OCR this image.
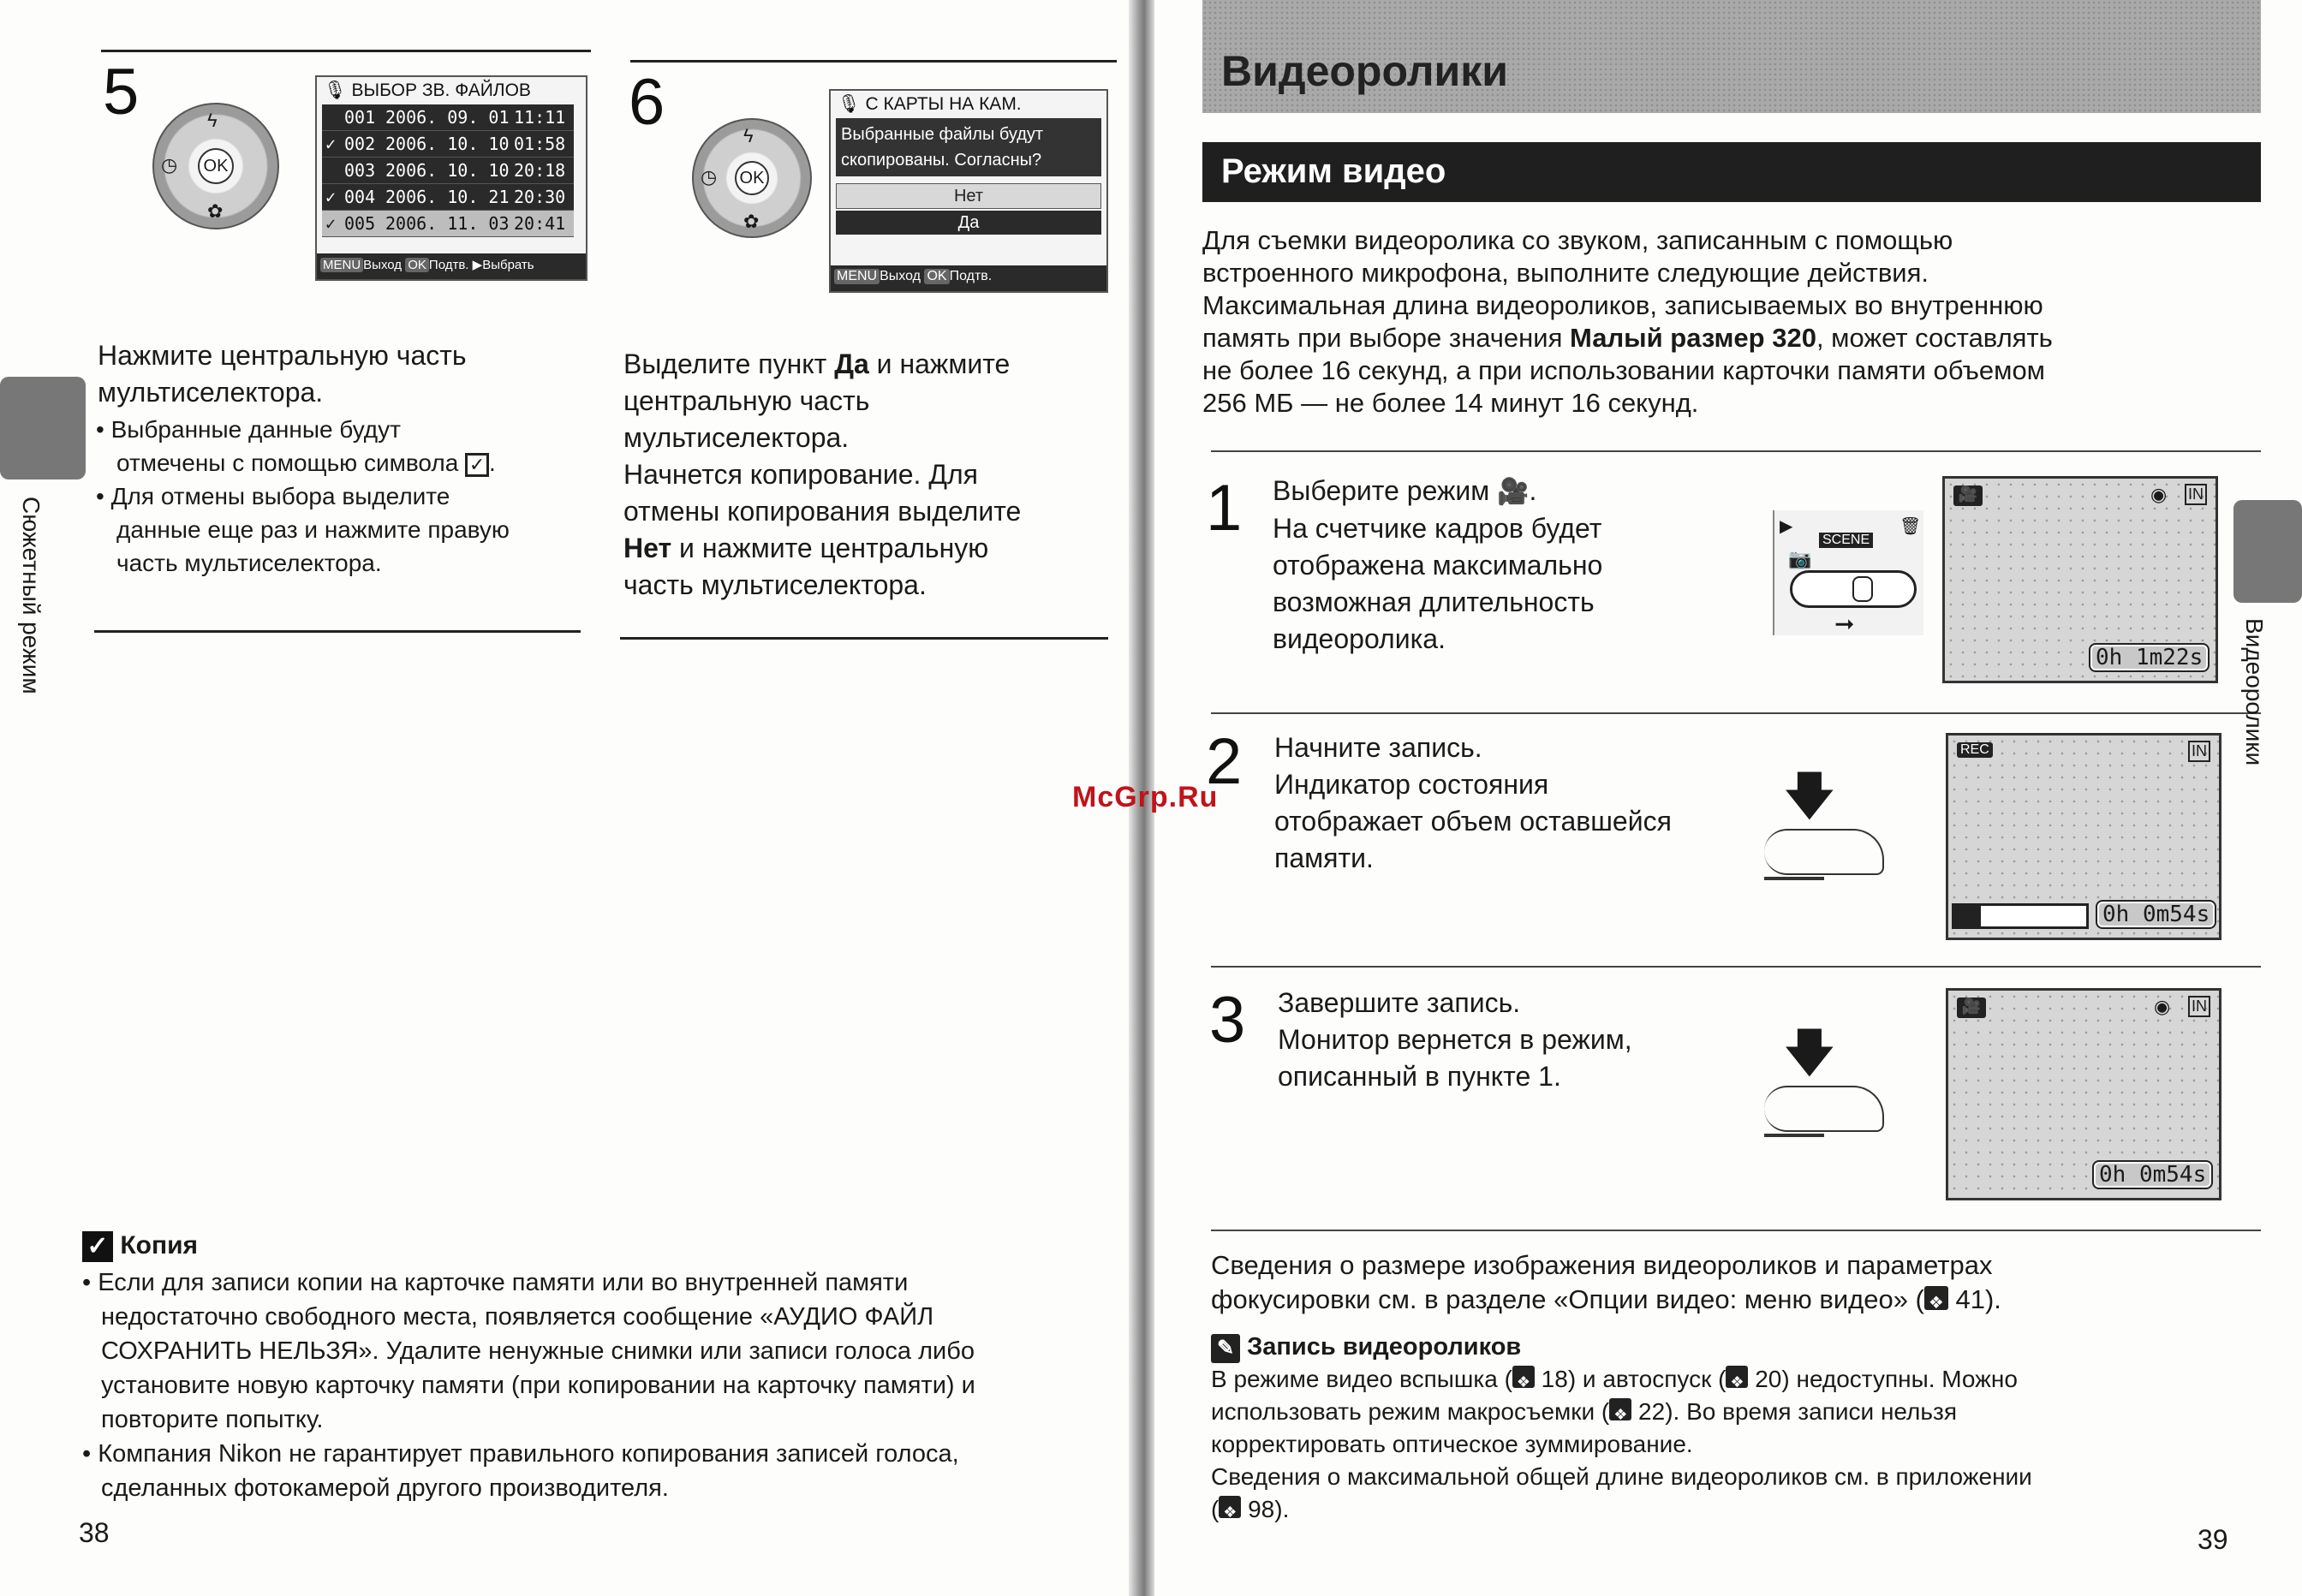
5
OK
ϟ
◷
✿
🎙 ВЫБОР ЗВ. ФАЙЛОВ
001 2006. 09. 01 11:11
✓ 002 2006. 10. 10 01:58
003 2006. 10. 10 20:18
✓ 004 2006. 10. 21 20:30
✓ 005 2006. 11. 03 20:41
MENU Выход OK Подтв. ▶Выбрать
Нажмите центральную часть
мультиселектора.
• Выбранные данные будут
отмечены с помощью символа ✓ .
• Для отмены выбора выделите
данные еще раз и нажмите правую
часть мультиселектора.
6
OK
ϟ
◷
✿
🎙 С КАРТЫ НА КАМ.
Выбранные файлы будут
скопированы. Согласны?
Нет
Да
MENU Выход OK Подтв.
Выделите пункт Да и нажмите
центральную часть
мультиселектора.
Начнется копирование. Для
отмены копирования выделите
Нет и нажмите центральную
часть мультиселектора.
Сюжетный режим
✓ Копия
• Если для записи копии на карточке памяти или во внутренней памяти
недостаточно свободного места, появляется сообщение «АУДИО ФАЙЛ
СОХРАНИТЬ НЕЛЬЗЯ». Удалите ненужные снимки или записи голоса либо
установите новую карточку памяти (при копировании на карточку памяти) и
повторите попытку.
• Компания Nikon не гарантирует правильного копирования записей голоса,
сделанных фотокамерой другого производителя.
38
Видеоролики
Режим видео
Для съемки видеоролика со звуком, записанным с помощью
встроенного микрофона, выполните следующие действия.
Максимальная длина видеороликов, записываемых во внутреннюю
память при выборе значения Малый размер 320, может составлять
не более 16 секунд, а при использовании карточки памяти объемом
256 МБ — не более 14 минут 16 секунд.
1 Выберите режим 🎥.
На счетчике кадров будет
отображена максимально
возможная длительность
видеоролика.
▶	🗑
SCENE
📷
➞
🎥	◉ IN
0h 1m22s
2 Начните запись.
Индикатор состояния
отображает объем оставшейся
памяти.
🡇
REC	IN
0h 0m54s
3 Завершите запись.
Монитор вернется в режим,
описанный в пункте 1.	🡇
🎥	◉ IN
0h 0m54s
McGrp.Ru
Сведения о размере изображения видеороликов и параметрах
фокусировки см. в разделе «Опции видео: меню видео» ( ❖ 41).
✎ Запись видеороликов
В режиме видео вспышка ( ❖ 18) и автоспуск ( ❖ 20) недоступны. Можно
использовать режим макросъемки ( ❖ 22). Во время записи нельзя
корректировать оптическое зуммирование.
Сведения о максимальной общей длине видеороликов см. в приложении
( ❖ 98).
Видеоролики
39
